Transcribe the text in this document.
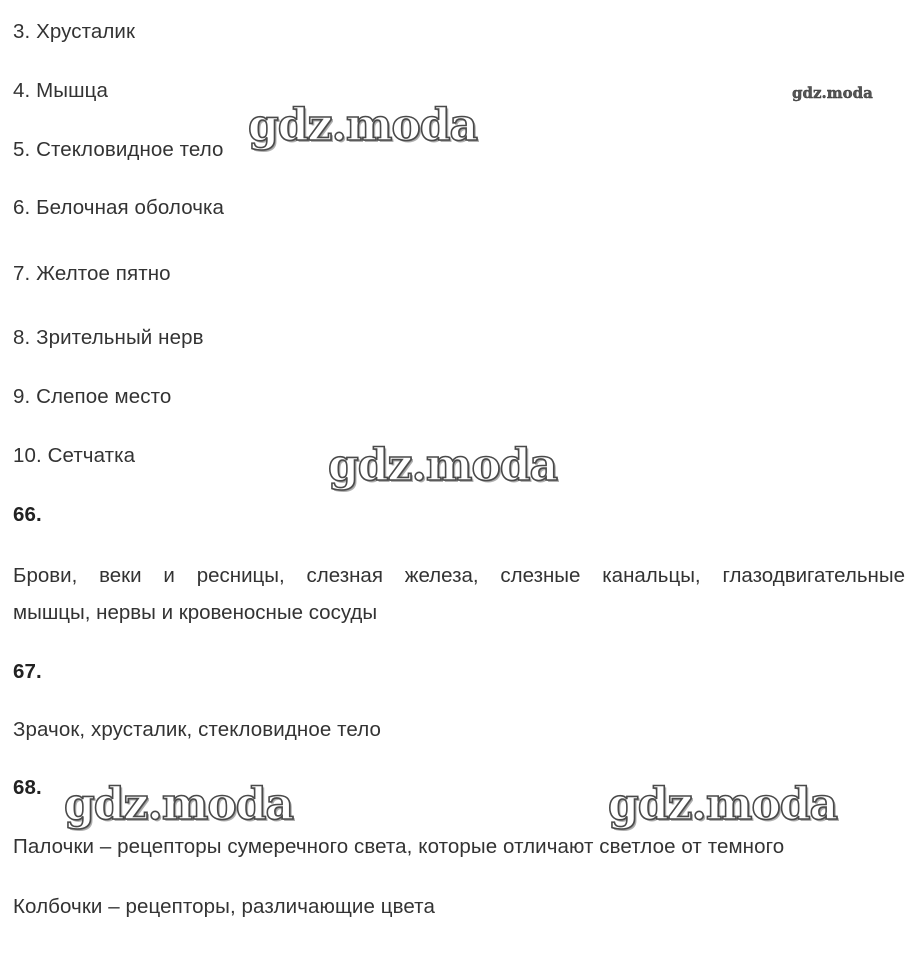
3. Хрусталик
4. Мышца
5. Стекловидное тело
6. Белочная оболочка
7. Желтое пятно
8. Зрительный нерв
9. Слепое место
10. Сетчатка
66.
Брови, веки и ресницы, слезная железа, слезные канальцы, глазодвигательные
мышцы, нервы и кровеносные сосуды
67.
Зрачок, хрусталик, стекловидное тело
68.
Палочки – рецепторы сумеречного света, которые отличают светлое от темного
Колбочки – рецепторы, различающие цвета
gdz.moda
gdz.moda
gdz.moda
gdz.moda	gdz.moda
